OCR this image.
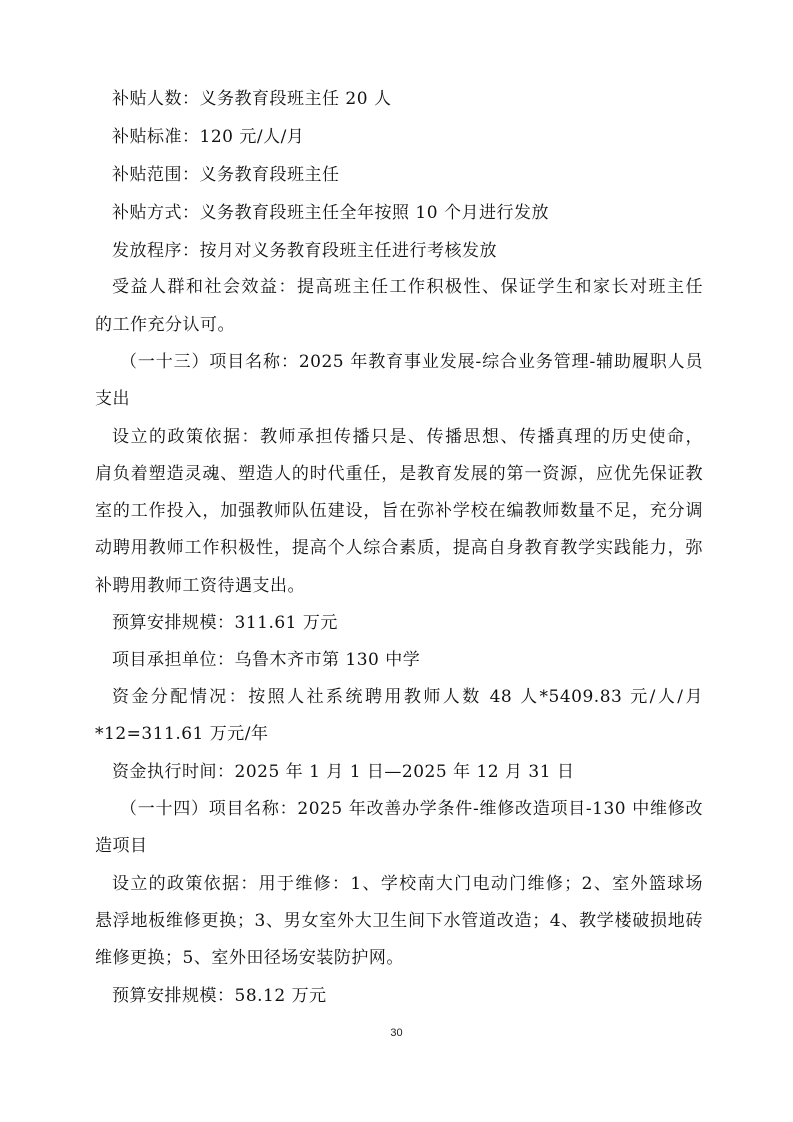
补贴人数：义务教育段班主任 20 人
补贴标准：120 元/人/月
补贴范围：义务教育段班主任
补贴方式：义务教育段班主任全年按照 10 个月进行发放
发放程序：按月对义务教育段班主任进行考核发放
受益人群和社会效益：提高班主任工作积极性、保证学生和家长对班主任
的工作充分认可。
（一十三）项目名称：2025 年教育事业发展-综合业务管理-辅助履职人员
支出
设立的政策依据：教师承担传播只是、传播思想、传播真理的历史使命，
肩负着塑造灵魂、塑造人的时代重任，是教育发展的第一资源，应优先保证教
室的工作投入，加强教师队伍建设，旨在弥补学校在编教师数量不足，充分调
动聘用教师工作积极性，提高个人综合素质，提高自身教育教学实践能力，弥
补聘用教师工资待遇支出。
预算安排规模：311.61 万元
项目承担单位：乌鲁木齐市第 130 中学
资金分配情况：按照人社系统聘用教师人数 48 人*5409.83 元/人/月
*12=311.61 万元/年
资金执行时间：2025 年 1 月 1 日—2025 年 12 月 31 日
（一十四）项目名称：2025 年改善办学条件-维修改造项目-130 中维修改
造项目
设立的政策依据：用于维修：1、学校南大门电动门维修；2、室外篮球场
悬浮地板维修更换；3、男女室外大卫生间下水管道改造；4、教学楼破损地砖
维修更换；5、室外田径场安装防护网。
预算安排规模：58.12 万元
30
